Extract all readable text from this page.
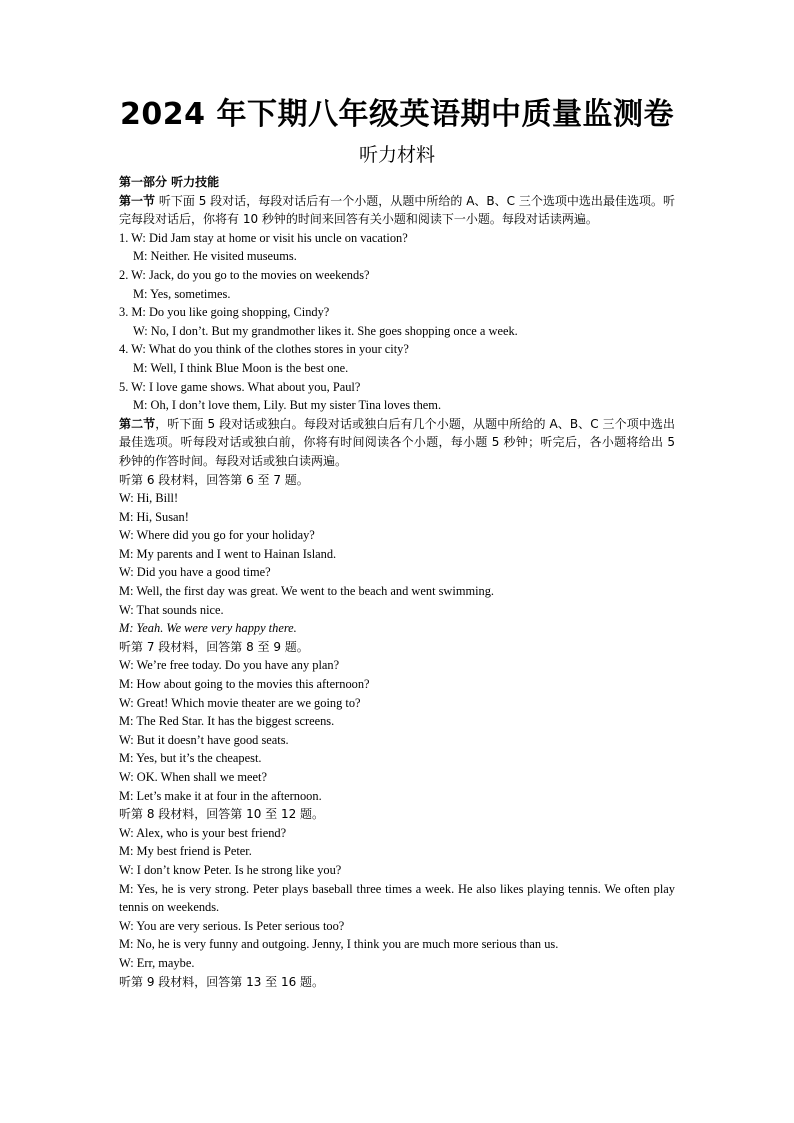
2024 年下期八年级英语期中质量监测卷
听力材料
第一部分 听力技能
第一节 听下面 5 段对话，每段对话后有一个小题，从题中所给的 A、B、C 三个选项中选出最佳选项。听完每段对话后，你将有 10 秒钟的时间来回答有关小题和阅读下一小题。每段对话读两遍。
1. W: Did Jam stay at home or visit his uncle on vacation?
M: Neither. He visited museums.
2. W: Jack, do you go to the movies on weekends?
M: Yes, sometimes.
3. M: Do you like going shopping, Cindy?
W: No, I don’t. But my grandmother likes it. She goes shopping once a week.
4. W: What do you think of the clothes stores in your city?
M: Well, I think Blue Moon is the best one.
5. W: I love game shows. What about you, Paul?
M: Oh, I don’t love them, Lily. But my sister Tina loves them.
第二节，听下面 5 段对话或独白。每段对话或独白后有几个小题，从题中所给的 A、B、C 三个项中选出最佳选项。听每段对话或独白前，你将有时间阅读各个小题，每小题 5 秒钟；听完后，各小题将给出 5 秒钟的作答时间。每段对话或独白读两遍。
听第 6 段材料，回答第 6 至 7 题。
W: Hi, Bill!
M: Hi, Susan!
W: Where did you go for your holiday?
M: My parents and I went to Hainan Island.
W: Did you have a good time?
M: Well, the first day was great. We went to the beach and went swimming.
W: That sounds nice.
M: Yeah. We were very happy there.
听第 7 段材料，回答第 8 至 9 题。
W: We’re free today. Do you have any plan?
M: How about going to the movies this afternoon?
W: Great! Which movie theater are we going to?
M: The Red Star. It has the biggest screens.
W: But it doesn’t have good seats.
M: Yes, but it’s the cheapest.
W: OK. When shall we meet?
M: Let’s make it at four in the afternoon.
听第 8 段材料，回答第 10 至 12 题。
W: Alex, who is your best friend?
M: My best friend is Peter.
W: I don’t know Peter. Is he strong like you?
M: Yes, he is very strong. Peter plays baseball three times a week. He also likes playing tennis. We often play tennis on weekends.
W: You are very serious. Is Peter serious too?
M: No, he is very funny and outgoing. Jenny, I think you are much more serious than us.
W: Err, maybe.
听第 9 段材料，回答第 13 至 16 题。
